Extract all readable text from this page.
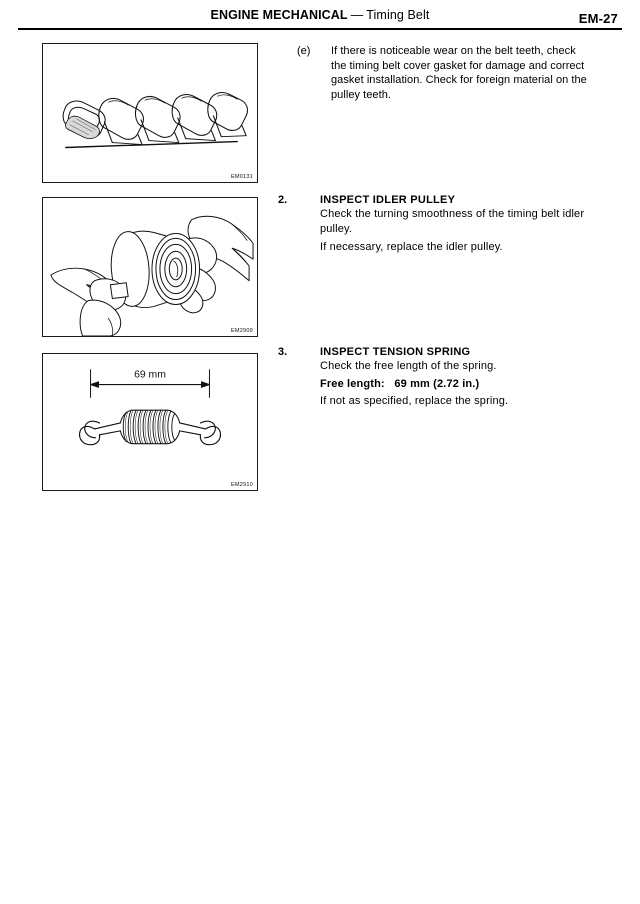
ENGINE MECHANICAL — Timing Belt	EM-27
EM0131
EM2909
69 mm
EM2910
(e) If there is noticeable wear on the belt teeth, check
the timing belt cover gasket for damage and correct
gasket installation. Check for foreign material on the
pulley teeth.
2.	INSPECT IDLER PULLEY
Check the turning smoothness of the timing belt idler pulley.
If necessary, replace the idler pulley.
3.	INSPECT TENSION SPRING
Check the free length of the spring.
Free length: 69 mm (2.72 in.)
If not as specified, replace the spring.
